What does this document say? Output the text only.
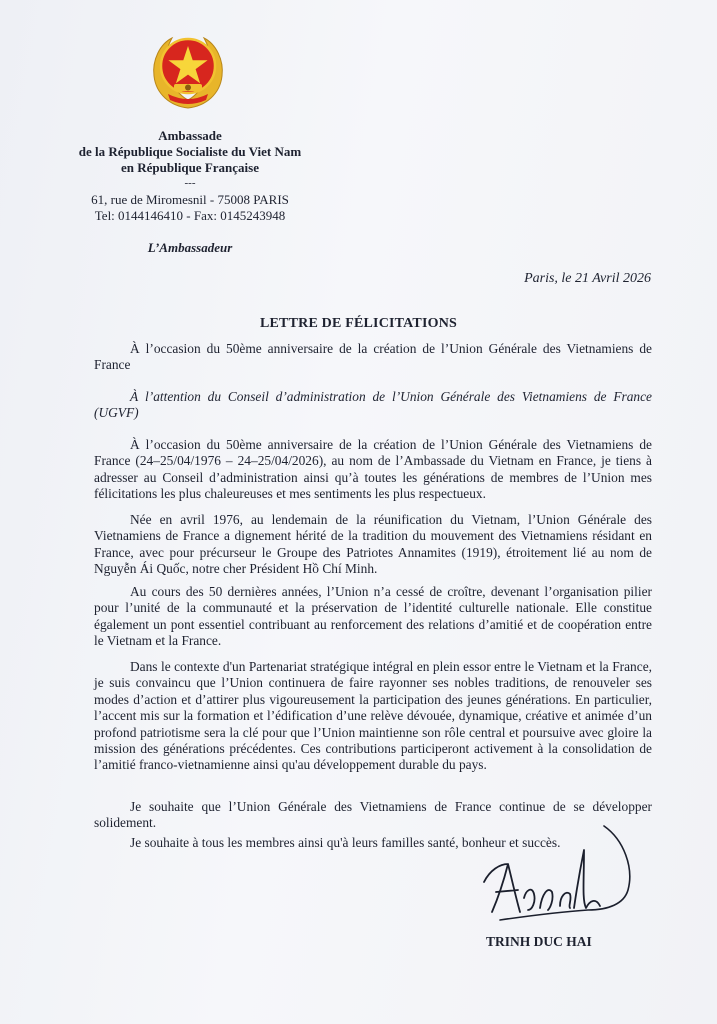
Ambassade
de la République Socialiste du Viet Nam
en République Française
---
61, rue de Miromesnil - 75008 PARIS
Tel: 0144146410 - Fax: 0145243948
L’Ambassadeur
Paris, le 21 Avril 2026
LETTRE DE FÉLICITATIONS

À l’occasion du 50ème anniversaire de la création de l’Union Générale des Vietnamiens de France

À l’attention du Conseil d’administration de l’Union Générale des Vietnamiens de France (UGVF)

À l’occasion du 50ème anniversaire de la création de l’Union Générale des Vietnamiens de France (24–25/04/1976 – 24–25/04/2026), au nom de l’Ambassade du Vietnam en France, je tiens à adresser au Conseil d’administration ainsi qu’à toutes les générations de membres de l’Union mes félicitations les plus chaleureuses et mes sentiments les plus respectueux.

Née en avril 1976, au lendemain de la réunification du Vietnam, l’Union Générale des Vietnamiens de France a dignement hérité de la tradition du mouvement des Vietnamiens résidant en France, avec pour précurseur le Groupe des Patriotes Annamites (1919), étroitement lié au nom de Nguyễn Ái Quốc, notre cher Président Hồ Chí Minh.

Au cours des 50 dernières années, l’Union n’a cessé de croître, devenant l’organisation pilier pour l’unité de la communauté et la préservation de l’identité culturelle nationale. Elle constitue également un pont essentiel contribuant au renforcement des relations d’amitié et de coopération entre le Vietnam et la France.

Dans le contexte d'un Partenariat stratégique intégral en plein essor entre le Vietnam et la France, je suis convaincu que l’Union continuera de faire rayonner ses nobles traditions, de renouveler ses modes d’action et d’attirer plus vigoureusement la participation des jeunes générations. En particulier, l’accent mis sur la formation et l’édification d’une relève dévouée, dynamique, créative et animée d’un profond patriotisme sera la clé pour que l’Union maintienne son rôle central et poursuive avec gloire la mission des générations précédentes. Ces contributions participeront activement à la consolidation de l’amitié franco-vietnamienne ainsi qu'au développement durable du pays.

Je souhaite que l’Union Générale des Vietnamiens de France continue de se développer solidement.

Je souhaite à tous les membres ainsi qu'à leurs familles santé, bonheur et succès.

TRINH DUC HAI
